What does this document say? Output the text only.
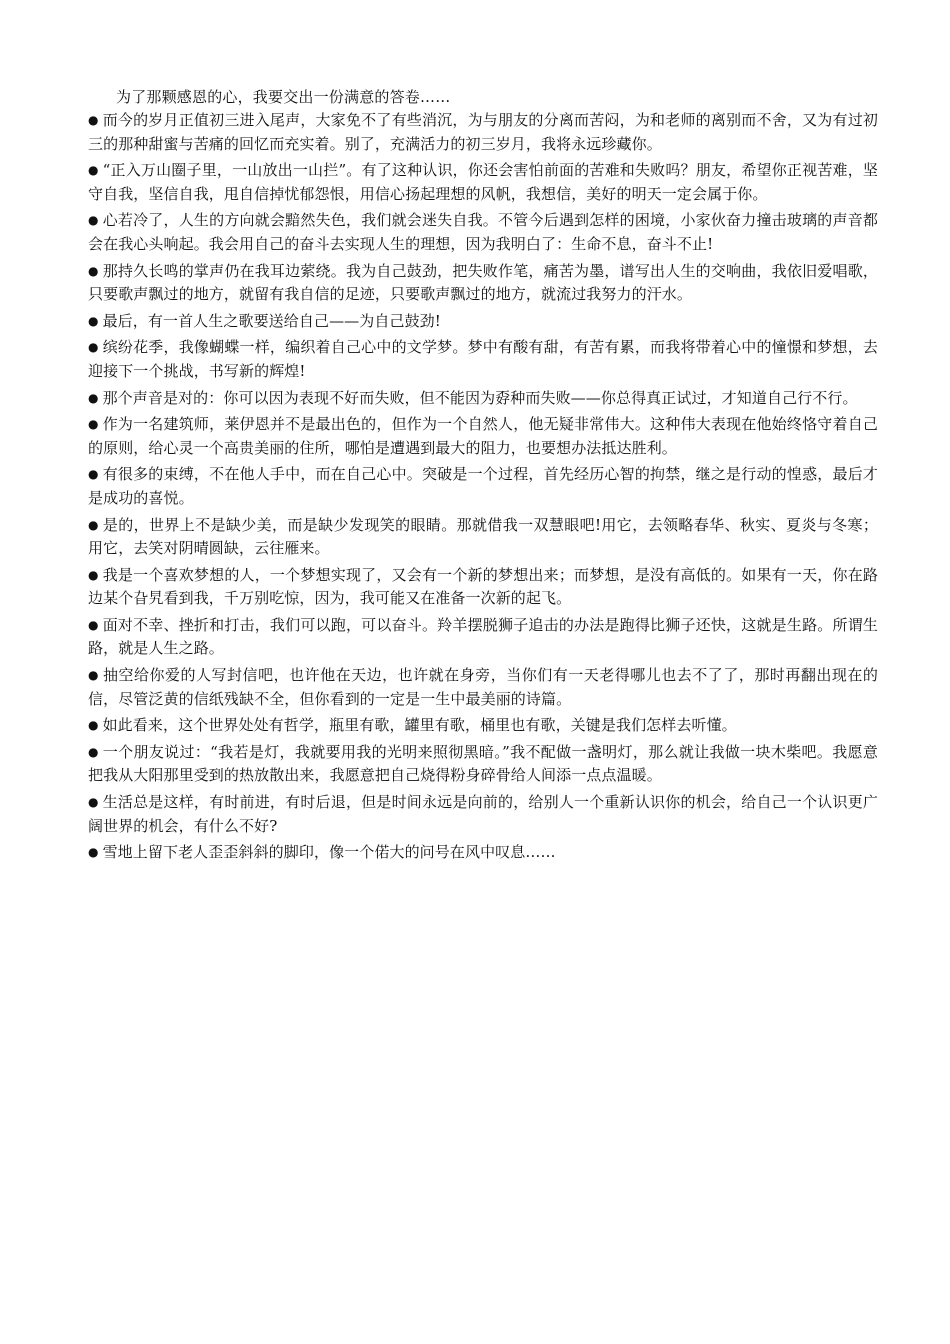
为了那颗感恩的心，我要交出一份满意的答卷……

● 而今的岁月正值初三进入尾声，大家免不了有些消沉，为与朋友的分离而苦闷，为和老师的离别而不舍，又为有过初三的那种甜蜜与苦痛的回忆而充实着。别了，充满活力的初三岁月，我将永远珍藏你。
● “正入万山圈子里，一山放出一山拦”。有了这种认识，你还会害怕前面的苦难和失败吗？朋友，希望你正视苦难，坚守自我，坚信自我，甩自信掉忧郁怨恨，用信心扬起理想的风帆，我想信，美好的明天一定会属于你。
● 心若冷了，人生的方向就会黯然失色，我们就会迷失自我。不管今后遇到怎样的困境，小家伙奋力撞击玻璃的声音都会在我心头响起。我会用自己的奋斗去实现人生的理想，因为我明白了：生命不息，奋斗不止!
● 那持久长鸣的掌声仍在我耳边萦绕。我为自己鼓劲，把失败作笔，痛苦为墨，谱写出人生的交响曲，我依旧爱唱歌，只要歌声飘过的地方，就留有我自信的足迹，只要歌声飘过的地方，就流过我努力的汗水。
● 最后，有一首人生之歌要送给自己——为自己鼓劲!
● 缤纷花季，我像蝴蝶一样，编织着自己心中的文学梦。梦中有酸有甜，有苦有累，而我将带着心中的憧憬和梦想，去迎接下一个挑战，书写新的辉煌!
● 那个声音是对的：你可以因为表现不好而失败，但不能因为孬种而失败——你总得真正试过，才知道自己行不行。
● 作为一名建筑师，莱伊恩并不是最出色的，但作为一个自然人，他无疑非常伟大。这种伟大表现在他始终恪守着自己的原则，给心灵一个高贵美丽的住所，哪怕是遭遇到最大的阻力，也要想办法抵达胜利。
● 有很多的束缚，不在他人手中，而在自己心中。突破是一个过程，首先经历心智的拘禁，继之是行动的惶惑，最后才是成功的喜悦。
● 是的，世界上不是缺少美，而是缺少发现笑的眼睛。那就借我一双慧眼吧!用它，去领略春华、秋实、夏炎与冬寒；用它，去笑对阴晴圆缺，云往雁来。
● 我是一个喜欢梦想的人，一个梦想实现了，又会有一个新的梦想出来；而梦想，是没有高低的。如果有一天，你在路边某个旮旯看到我，千万别吃惊，因为，我可能又在准备一次新的起飞。
● 面对不幸、挫折和打击，我们可以跑，可以奋斗。羚羊摆脱狮子追击的办法是跑得比狮子还快，这就是生路。所谓生路，就是人生之路。
● 抽空给你爱的人写封信吧，也许他在天边，也许就在身旁，当你们有一天老得哪儿也去不了了，那时再翻出现在的信，尽管泛黄的信纸残缺不全，但你看到的一定是一生中最美丽的诗篇。
● 如此看来，这个世界处处有哲学，瓶里有歌，罐里有歌，桶里也有歌，关键是我们怎样去听懂。
● 一个朋友说过：“我若是灯，我就要用我的光明来照彻黑暗。”我不配做一盏明灯，那么就让我做一块木柴吧。我愿意把我从大阳那里受到的热放散出来，我愿意把自己烧得粉身碎骨给人间添一点点温暖。
● 生活总是这样，有时前进，有时后退，但是时间永远是向前的，给别人一个重新认识你的机会，给自己一个认识更广阔世界的机会，有什么不好?
● 雪地上留下老人歪歪斜斜的脚印，像一个偌大的问号在风中叹息……
